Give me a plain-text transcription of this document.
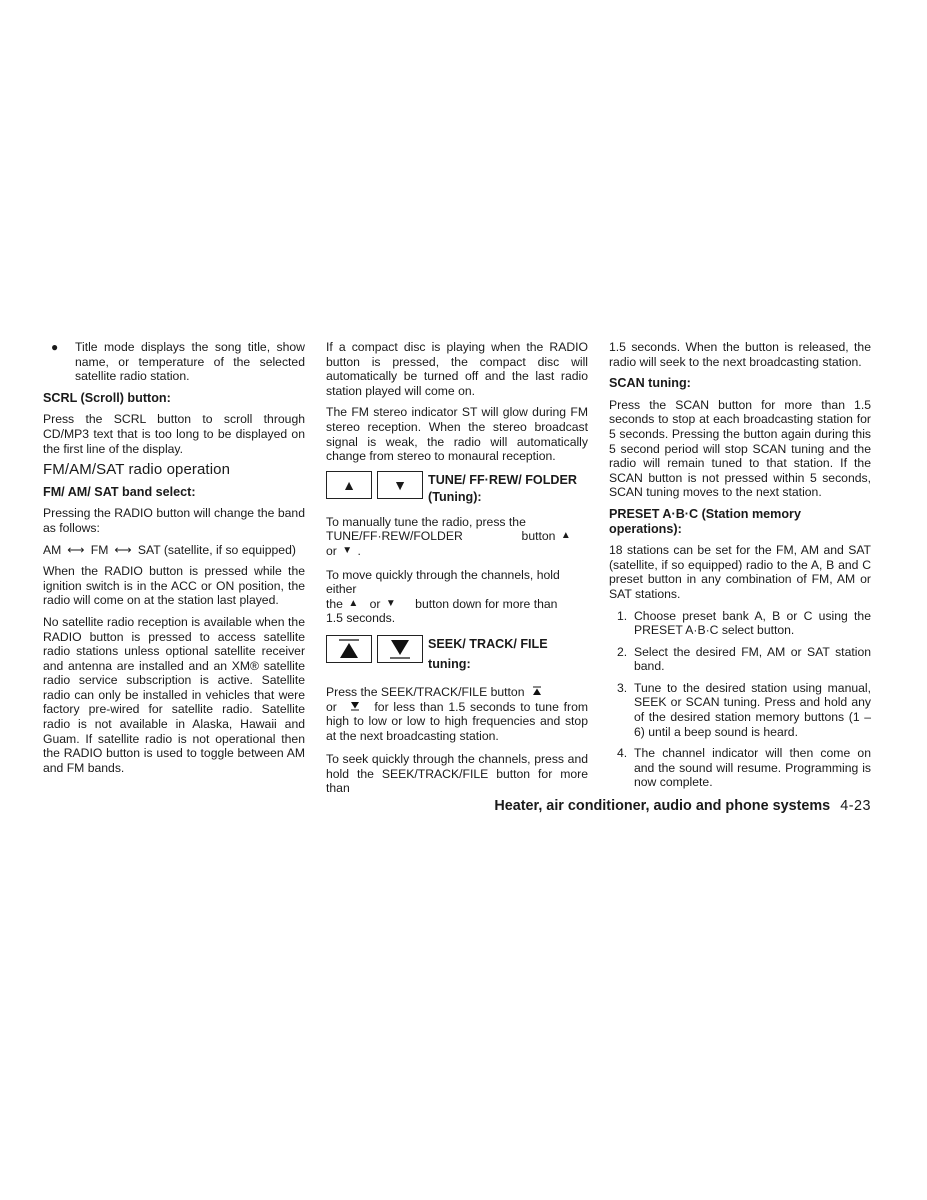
●	Title mode displays the song title, show name, or temperature of the selected satellite radio station.
SCRL (Scroll) button:

Press the SCRL button to scroll through CD/MP3 text that is too long to be displayed on the first line of the display.

FM/AM/SAT radio operation
FM/ AM/ SAT band select:

Pressing the RADIO button will change the band as follows:

AM ⟷ FM ⟷ SAT (satellite, if so equipped)

When the RADIO button is pressed while the ignition switch is in the ACC or ON position, the radio will come on at the station last played.

No satellite radio reception is available when the RADIO button is pressed to access satellite radio stations unless optional satellite receiver and antenna are installed and an XM® satellite radio service subscription is active. Satellite radio can only be installed in vehicles that were factory pre-wired for satellite radio. Satellite radio is not available in Alaska, Hawaii and Guam. If satellite radio is not operational then the RADIO button is used to toggle between AM and FM bands.

If a compact disc is playing when the RADIO button is pressed, the compact disc will automatically be turned off and the last radio station played will come on.

The FM stereo indicator ST will glow during FM stereo reception. When the stereo broadcast signal is weak, the radio will automatically change from stereo to monaural reception.

▲	▼ TUNE/ FF·REW/ FOLDER
(Tuning):

To manually tune the radio, press the
TUNE/FF·REW/FOLDER	button ▲
or ▼ .

To move quickly through the channels, hold either
the ▲ or ▼ button down for more than
1.5 seconds.

SEEK/ TRACK/ FILE
tuning:

Press the SEEK/TRACK/FILE button
or	for less than 1.5 seconds to tune from high to low or low to high frequencies and stop at the next broadcasting station.

To seek quickly through the channels, press and hold the SEEK/TRACK/FILE button for more than

1.5 seconds. When the button is released, the radio will seek to the next broadcasting station.

SCAN tuning:

Press the SCAN button for more than 1.5 seconds to stop at each broadcasting station for 5 seconds. Pressing the button again during this 5 second period will stop SCAN tuning and the radio will remain tuned to that station. If the SCAN button is not pressed within 5 seconds, SCAN tuning moves to the next station.

PRESET A·B·C (Station memory operations):

18 stations can be set for the FM, AM and SAT (satellite, if so equipped) radio to the A, B and C preset button in any combination of FM, AM or SAT stations.

1. Choose preset bank A, B or C using the PRESET A·B·C select button.
2. Select the desired FM, AM or SAT station band.
3. Tune to the desired station using manual, SEEK or SCAN tuning. Press and hold any of the desired station memory buttons (1 – 6) until a beep sound is heard.
4. The channel indicator will then come on and the sound will resume. Programming is now complete.
Heater, air conditioner, audio and phone systems 4-23
